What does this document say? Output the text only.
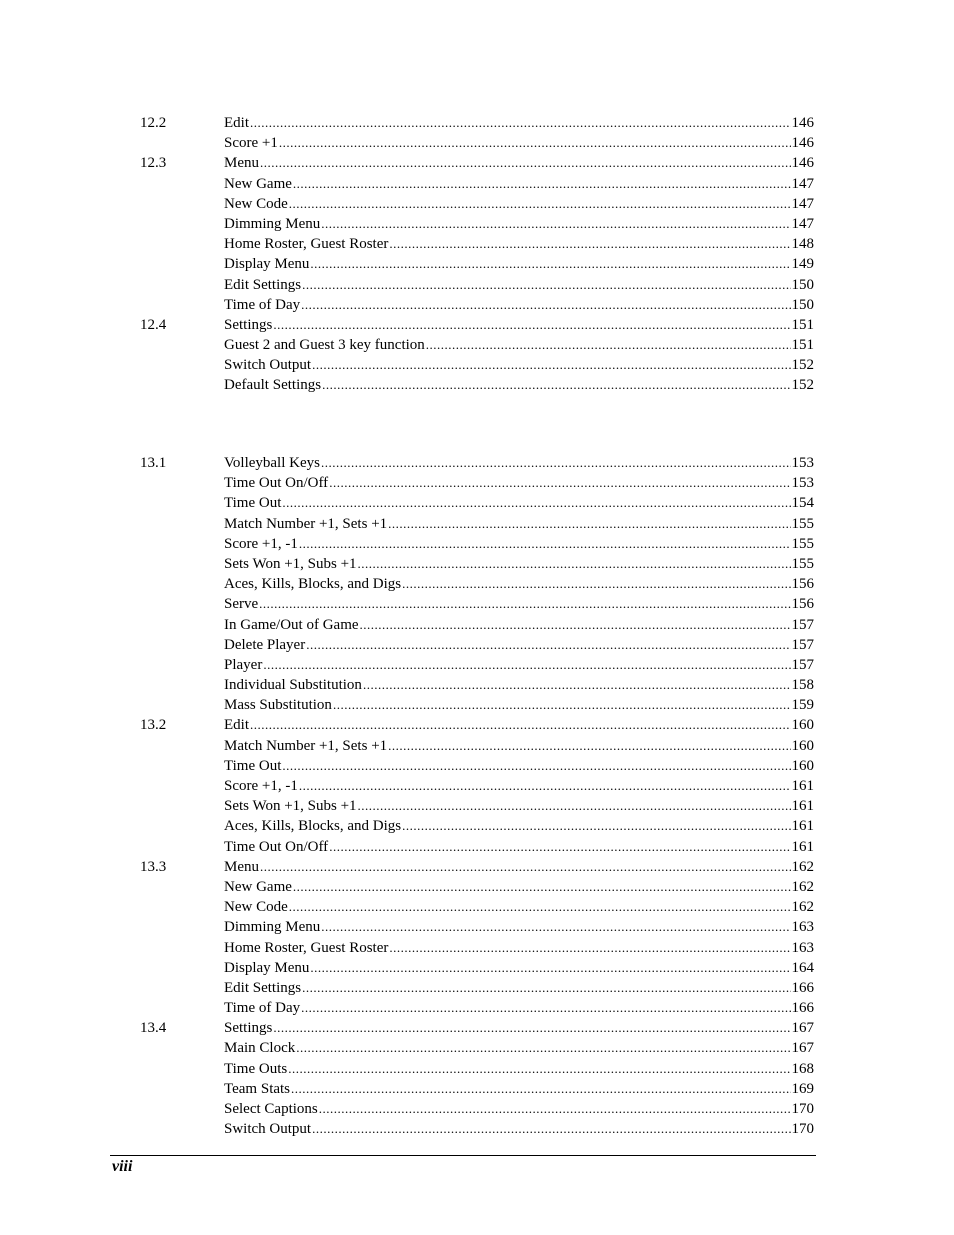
12.2	Edit .....	146
Score +1 .....	146
12.3	Menu .....	146
New Game .....	147
New Code .....	147
Dimming Menu .....	147
Home Roster, Guest Roster .....	148
Display Menu .....	149
Edit Settings .....	150
Time of Day .....	150
12.4	Settings .....	151
Guest 2 and Guest 3 key function .....	151
Switch Output .....	152
Default Settings .....	152
13.1	Volleyball Keys .....	153
Time Out On/Off .....	153
Time Out .....	154
Match Number +1, Sets +1 .....	155
Score +1, -1 .....	155
Sets Won +1, Subs +1 .....	155
Aces, Kills, Blocks, and Digs .....	156
Serve .....	156
In Game/Out of Game .....	157
Delete Player .....	157
Player .....	157
Individual Substitution .....	158
Mass Substitution .....	159
13.2	Edit .....	160
Match Number +1, Sets +1 .....	160
Time Out .....	160
Score +1, -1 .....	161
Sets Won +1, Subs +1 .....	161
Aces, Kills, Blocks, and Digs .....	161
Time Out On/Off .....	161
13.3	Menu .....	162
New Game .....	162
New Code .....	162
Dimming Menu .....	163
Home Roster, Guest Roster .....	163
Display Menu .....	164
Edit Settings .....	166
Time of Day .....	166
13.4	Settings .....	167
Main Clock .....	167
Time Outs .....	168
Team Stats .....	169
Select Captions .....	170
Switch Output .....	170
viii
